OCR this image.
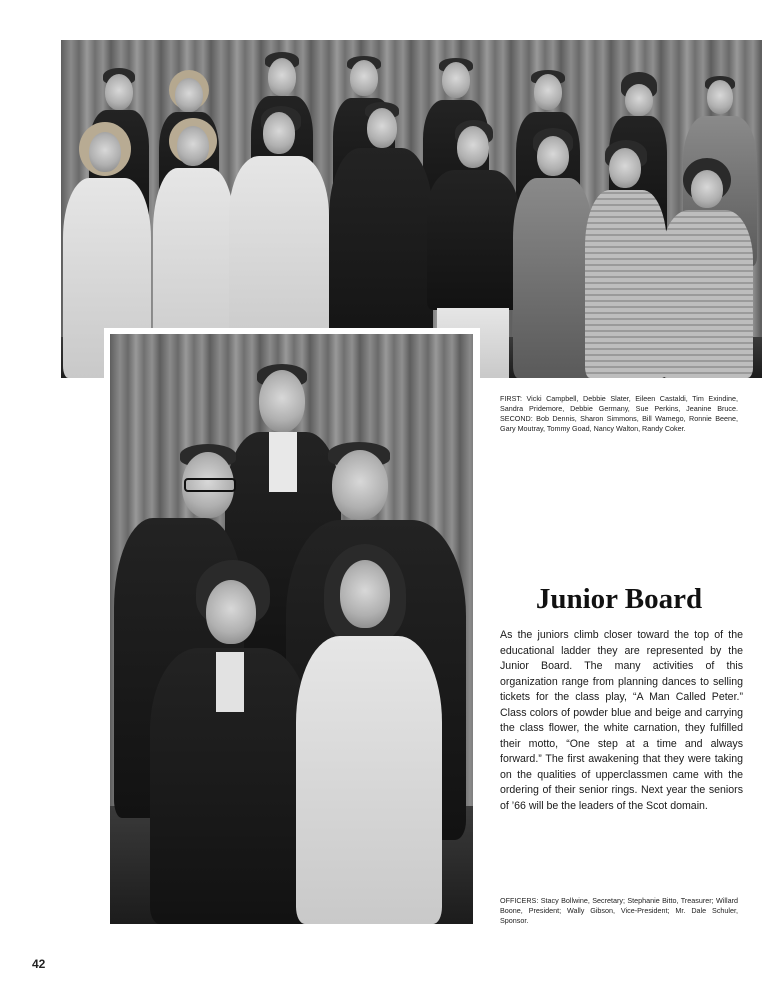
FIRST: Vicki Campbell, Debbie Slater, Eileen Castaldi, Tim Exindine, Sandra Pridemore, Debbie Germany, Sue Perkins, Jeanine Bruce. SECOND: Bob Dennis, Sharon Simmons, Bill Wamego, Ronnie Beene, Gary Moutray, Tommy Goad, Nancy Walton, Randy Coker.
Junior Board
As the juniors climb closer toward the top of the educational ladder they are represented by the Junior Board. The many activities of this organization range from planning dances to selling tickets for the class play, “A Man Called Peter.” Class colors of powder blue and beige and carrying the class flower, the white carnation, they fulfilled their motto, “One step at a time and always forward.” The first awakening that they were taking on the qualities of upperclassmen came with the ordering of their senior rings. Next year the seniors of ’66 will be the leaders of the Scot domain.
OFFICERS: Stacy Bollwine, Secretary; Stephanie Bitto, Treasurer; Willard Boone, President; Wally Gibson, Vice-President; Mr. Dale Schuler, Sponsor.
42
